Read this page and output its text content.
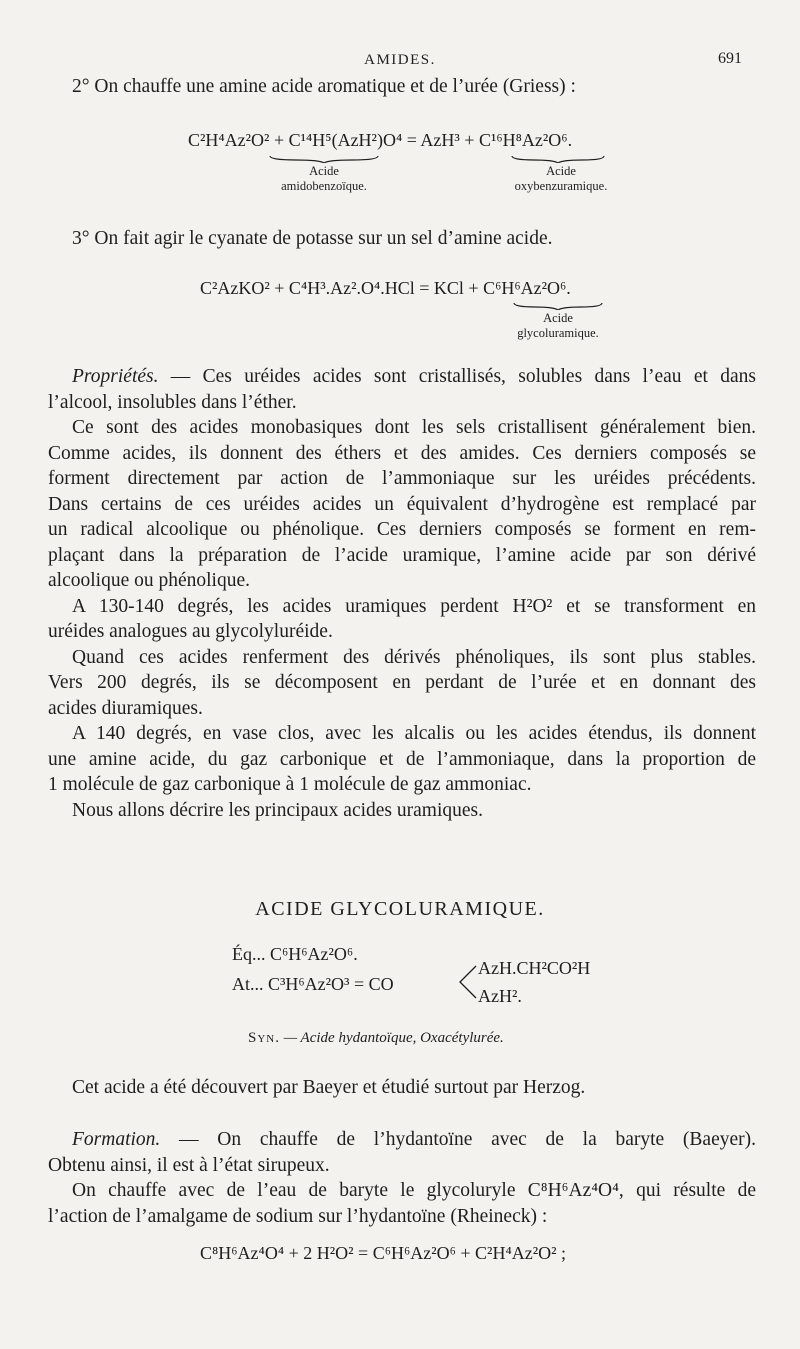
AMIDES.	691
2° On chauffe une amine acide aromatique et de l’urée (Griess) :
C²H⁴Az²O² + C¹⁴H⁵(AzH²)O⁴ = AzH³ + C¹⁶H⁸Az²O⁶.
Acide
amidobenzoïque.
Acide
oxybenzuramique.
3° On fait agir le cyanate de potasse sur un sel d’amine acide.
C²AzKO² + C⁴H³.Az².O⁴.HCl = KCl + C⁶H⁶Az²O⁶.
Acide
glycoluramique.
Propriétés. — Ces uréides acides sont cristallisés, solubles dans l’eau et dans
l’alcool, insolubles dans l’éther.
Ce sont des acides monobasiques dont les sels cristallisent généralement bien.
Comme acides, ils donnent des éthers et des amides. Ces derniers composés se
forment directement par action de l’ammoniaque sur les uréides précédents.
Dans certains de ces uréides acides un équivalent d’hydrogène est remplacé par
un radical alcoolique ou phénolique. Ces derniers composés se forment en rem-
plaçant dans la préparation de l’acide uramique, l’amine acide par son dérivé
alcoolique ou phénolique.
A 130-140 degrés, les acides uramiques perdent H²O² et se transforment en
uréides analogues au glycolyluréide.
Quand ces acides renferment des dérivés phénoliques, ils sont plus stables.
Vers 200 degrés, ils se décomposent en perdant de l’urée et en donnant des
acides diuramiques.
A 140 degrés, en vase clos, avec les alcalis ou les acides étendus, ils donnent
une amine acide, du gaz carbonique et de l’ammoniaque, dans la proportion de
1 molécule de gaz carbonique à 1 molécule de gaz ammoniac.
Nous allons décrire les principaux acides uramiques.
ACIDE GLYCOLURAMIQUE.
Éq... C⁶H⁶Az²O⁶.
At... C³H⁶Az²O³ = CO
AzH.CH²CO²H
AzH².
Syn. — Acide hydantoïque, Oxacétylurée.
Cet acide a été découvert par Baeyer et étudié surtout par Herzog.
Formation. — On chauffe de l’hydantoïne avec de la baryte (Baeyer).
Obtenu ainsi, il est à l’état sirupeux.
On chauffe avec de l’eau de baryte le glycoluryle C⁸H⁶Az⁴O⁴, qui résulte de
l’action de l’amalgame de sodium sur l’hydantoïne (Rheineck) :
C⁸H⁶Az⁴O⁴ + 2 H²O² = C⁶H⁶Az²O⁶ + C²H⁴Az²O² ;
